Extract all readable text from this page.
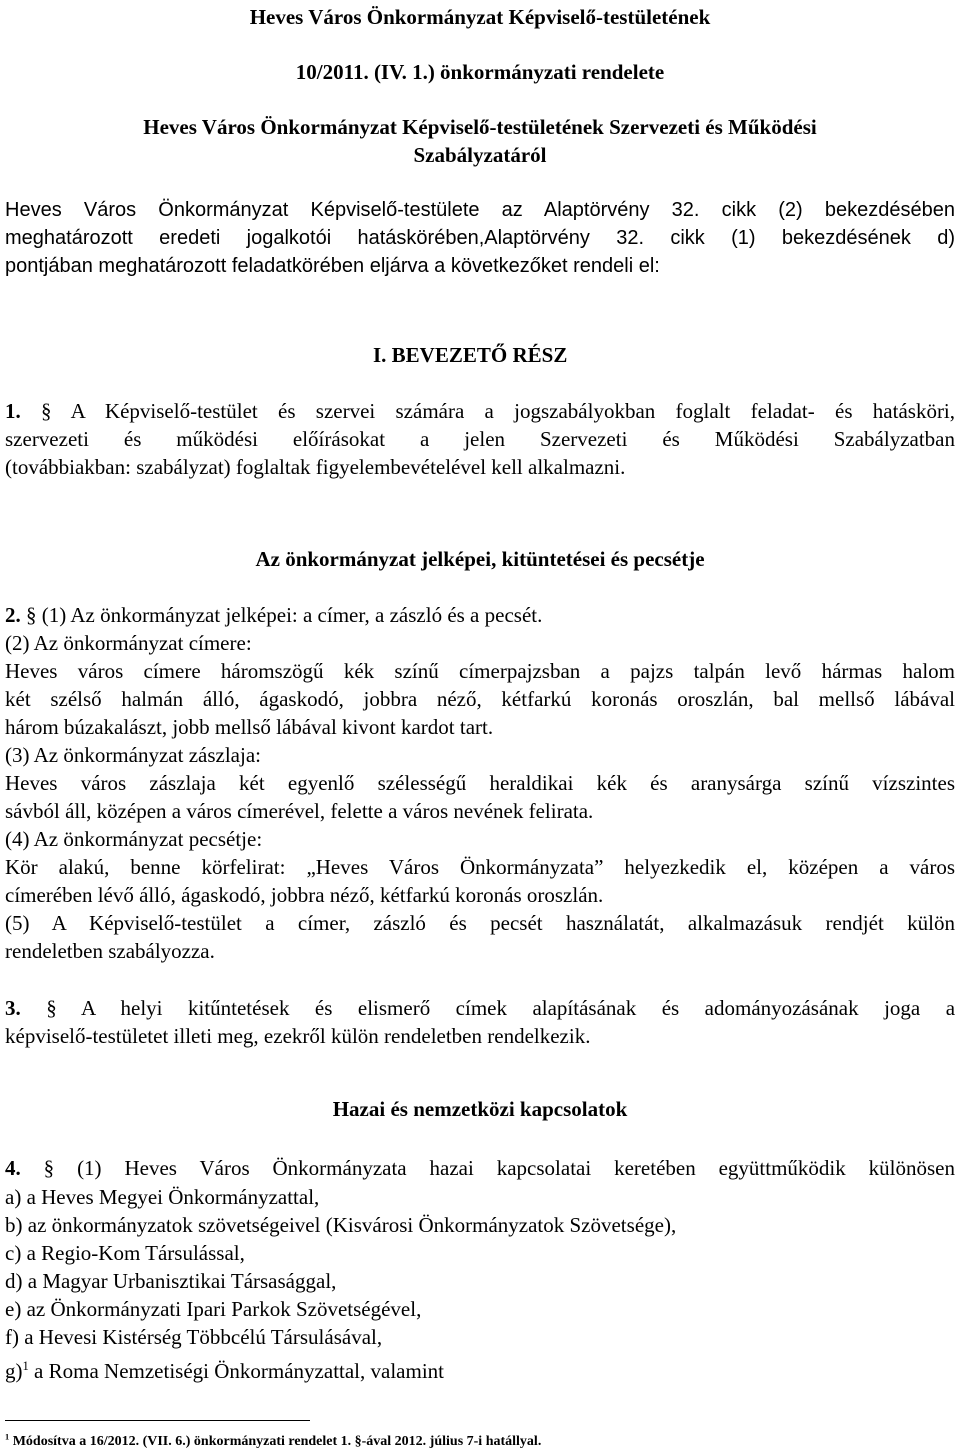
Heves Város Önkormányzat Képviselő-testületének
10/2011. (IV. 1.) önkormányzati rendelete
Heves Város Önkormányzat Képviselő-testületének Szervezeti és Működési
Szabályzatáról
Heves Város Önkormányzat Képviselő-testülete az Alaptörvény 32. cikk (2) bekezdésében
meghatározott eredeti jogalkotói hatáskörében,Alaptörvény 32. cikk (1) bekezdésének d)
pontjában meghatározott feladatkörében eljárva a következőket rendeli el:
I. BEVEZETŐ RÉSZ
1. § A Képviselő-testület és szervei számára a jogszabályokban foglalt feladat- és hatásköri,
szervezeti és működési előírásokat a jelen Szervezeti és Működési Szabályzatban
(továbbiakban: szabályzat) foglaltak figyelembevételével kell alkalmazni.
Az önkormányzat jelképei, kitüntetései és pecsétje
2. § (1) Az önkormányzat jelképei: a címer, a zászló és a pecsét.
(2) Az önkormányzat címere:
Heves város címere háromszögű kék színű címerpajzsban a pajzs talpán levő hármas halom
két szélső halmán álló, ágaskodó, jobbra néző, kétfarkú koronás oroszlán, bal mellső lábával
három búzakalászt, jobb mellső lábával kivont kardot tart.
(3) Az önkormányzat zászlaja:
Heves város zászlaja két egyenlő szélességű heraldikai kék és aranysárga színű vízszintes
sávból áll, középen a város címerével, felette a város nevének felirata.
(4) Az önkormányzat pecsétje:
Kör alakú, benne körfelirat: „Heves Város Önkormányzata” helyezkedik el, középen a város
címerében lévő álló, ágaskodó, jobbra néző, kétfarkú koronás oroszlán.
(5) A Képviselő-testület a címer, zászló és pecsét használatát, alkalmazásuk rendjét külön
rendeletben szabályozza.
3. § A helyi kitűntetések és elismerő címek alapításának és adományozásának joga a
képviselő-testületet illeti meg, ezekről külön rendeletben rendelkezik.
Hazai és nemzetközi kapcsolatok
4. § (1) Heves Város Önkormányzata hazai kapcsolatai keretében együttműködik különösen
a) a Heves Megyei Önkormányzattal,
b) az önkormányzatok szövetségeivel (Kisvárosi Önkormányzatok Szövetsége),
c) a Regio-Kom Társulással,
d) a Magyar Urbanisztikai Társasággal,
e) az Önkormányzati Ipari Parkok Szövetségével,
f) a Hevesi Kistérség Többcélú Társulásával,
g)$^1$ a Roma Nemzetiségi Önkormányzattal, valamint
$^1$ Módosítva a 16/2012. (VII. 6.) önkormányzati rendelet 1. §-ával 2012. július 7-i hatállyal.
